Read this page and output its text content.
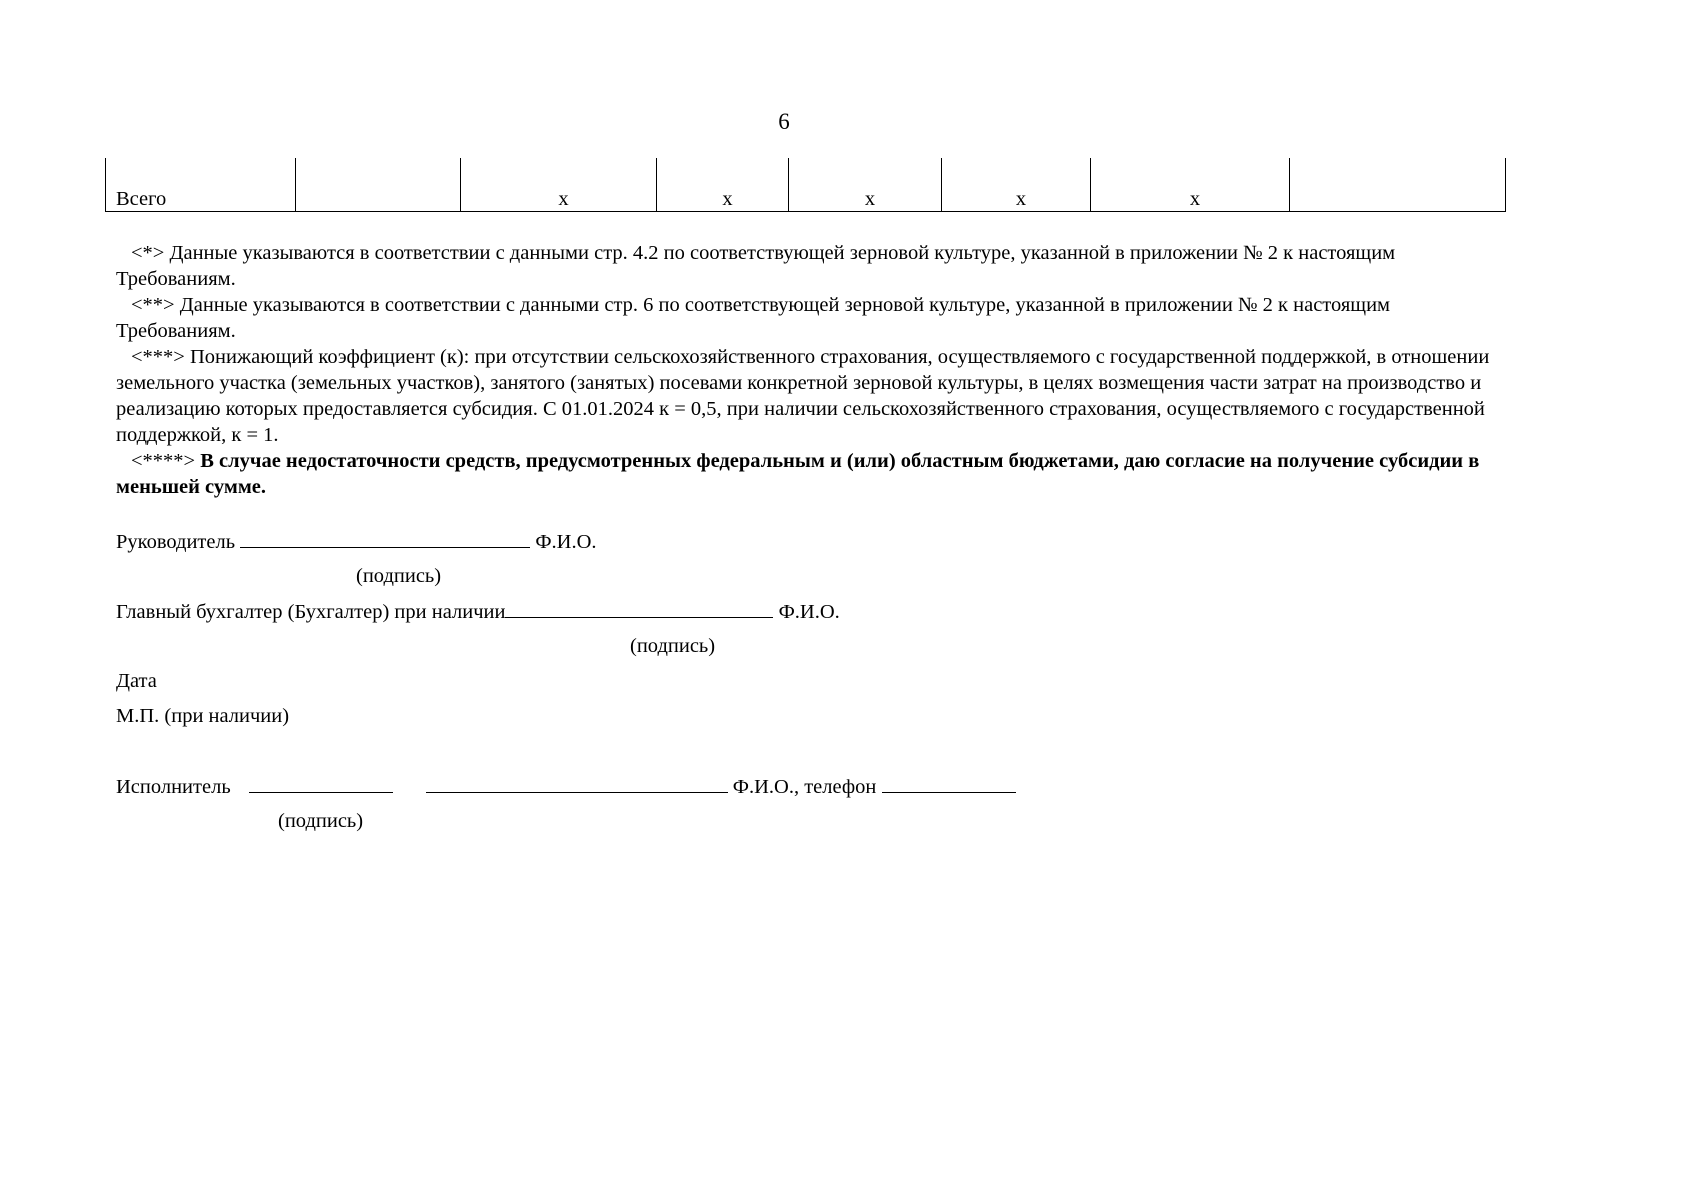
6
Всего		х	х	х	х	х	

<*> Данные указываются в соответствии с данными стр. 4.2 по соответствующей зерновой культуре, указанной в приложении № 2 к настоящим Требованиям.

<**> Данные указываются в соответствии с данными стр. 6 по соответствующей зерновой культуре, указанной в приложении № 2 к настоящим Требованиям.

<***> Понижающий коэффициент (к): при отсутствии сельскохозяйственного страхования, осуществляемого с государственной поддержкой, в отношении земельного участка (земельных участков), занятого (занятых) посевами конкретной зерновой культуры, в целях возмещения части затрат на производство и реализацию которых предоставляется субсидия. С 01.01.2024 к = 0,5, при наличии сельскохозяйственного страхования, осуществляемого с государственной поддержкой, к = 1.

<****> В случае недостаточности средств, предусмотренных федеральным и (или) областным бюджетами, даю согласие на получение субсидии в меньшей сумме.

Руководитель	Ф.И.О.
(подпись)
Главный бухгалтер (Бухгалтер) при наличии	Ф.И.О.
(подпись)
Дата
М.П. (при наличии)
Исполнитель	Ф.И.О., телефон
(подпись)
